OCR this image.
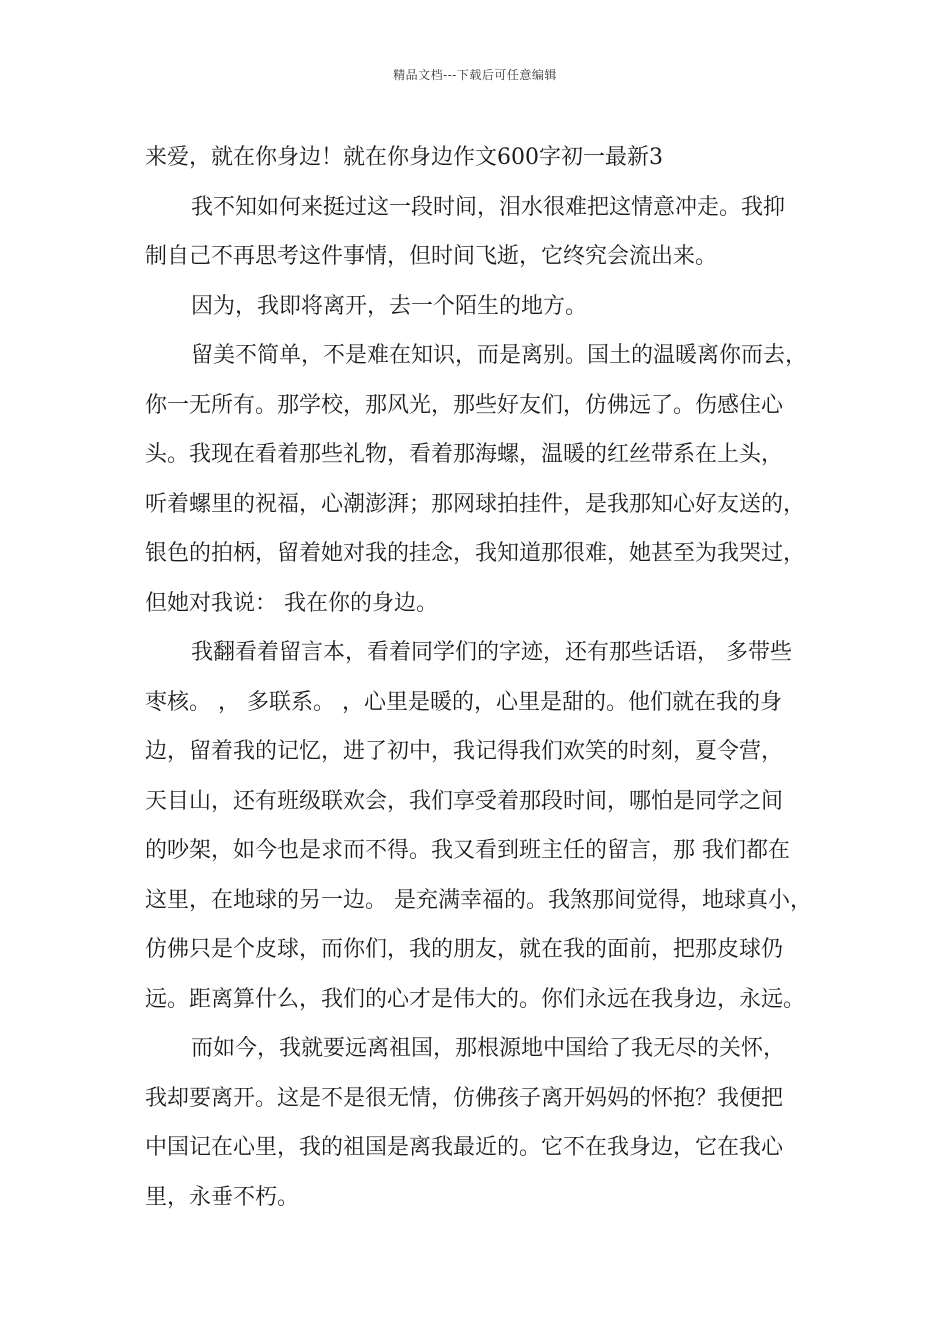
精品文档---下载后可任意编辑
来爱，就在你身边！就在你身边作文600字初一最新3
我不知如何来挺过这一段时间，泪水很难把这情意冲走。我抑
制自己不再思考这件事情，但时间飞逝，它终究会流出来。
因为，我即将离开，去一个陌生的地方。
留美不简单，不是难在知识，而是离别。国土的温暖离你而去，
你一无所有。那学校，那风光，那些好友们，仿佛远了。伤感住心
头。我现在看着那些礼物，看着那海螺，温暖的红丝带系在上头，
听着螺里的祝福，心潮澎湃；那网球拍挂件，是我那知心好友送的，
银色的拍柄，留着她对我的挂念，我知道那很难，她甚至为我哭过，
但她对我说： 我在你的身边。
我翻看着留言本，看着同学们的字迹，还有那些话语， 多带些
枣核。 ， 多联系。 ，心里是暖的，心里是甜的。他们就在我的身
边，留着我的记忆，进了初中，我记得我们欢笑的时刻，夏令营，
天目山，还有班级联欢会，我们享受着那段时间，哪怕是同学之间
的吵架，如今也是求而不得。我又看到班主任的留言，那 我们都在
这里，在地球的另一边。 是充满幸福的。我煞那间觉得，地球真小，
仿佛只是个皮球，而你们，我的朋友，就在我的面前，把那皮球仍
远。距离算什么，我们的心才是伟大的。你们永远在我身边，永远。
而如今，我就要远离祖国，那根源地中国给了我无尽的关怀，
我却要离开。这是不是很无情，仿佛孩子离开妈妈的怀抱？我便把
中国记在心里，我的祖国是离我最近的。它不在我身边，它在我心
里，永垂不朽。
